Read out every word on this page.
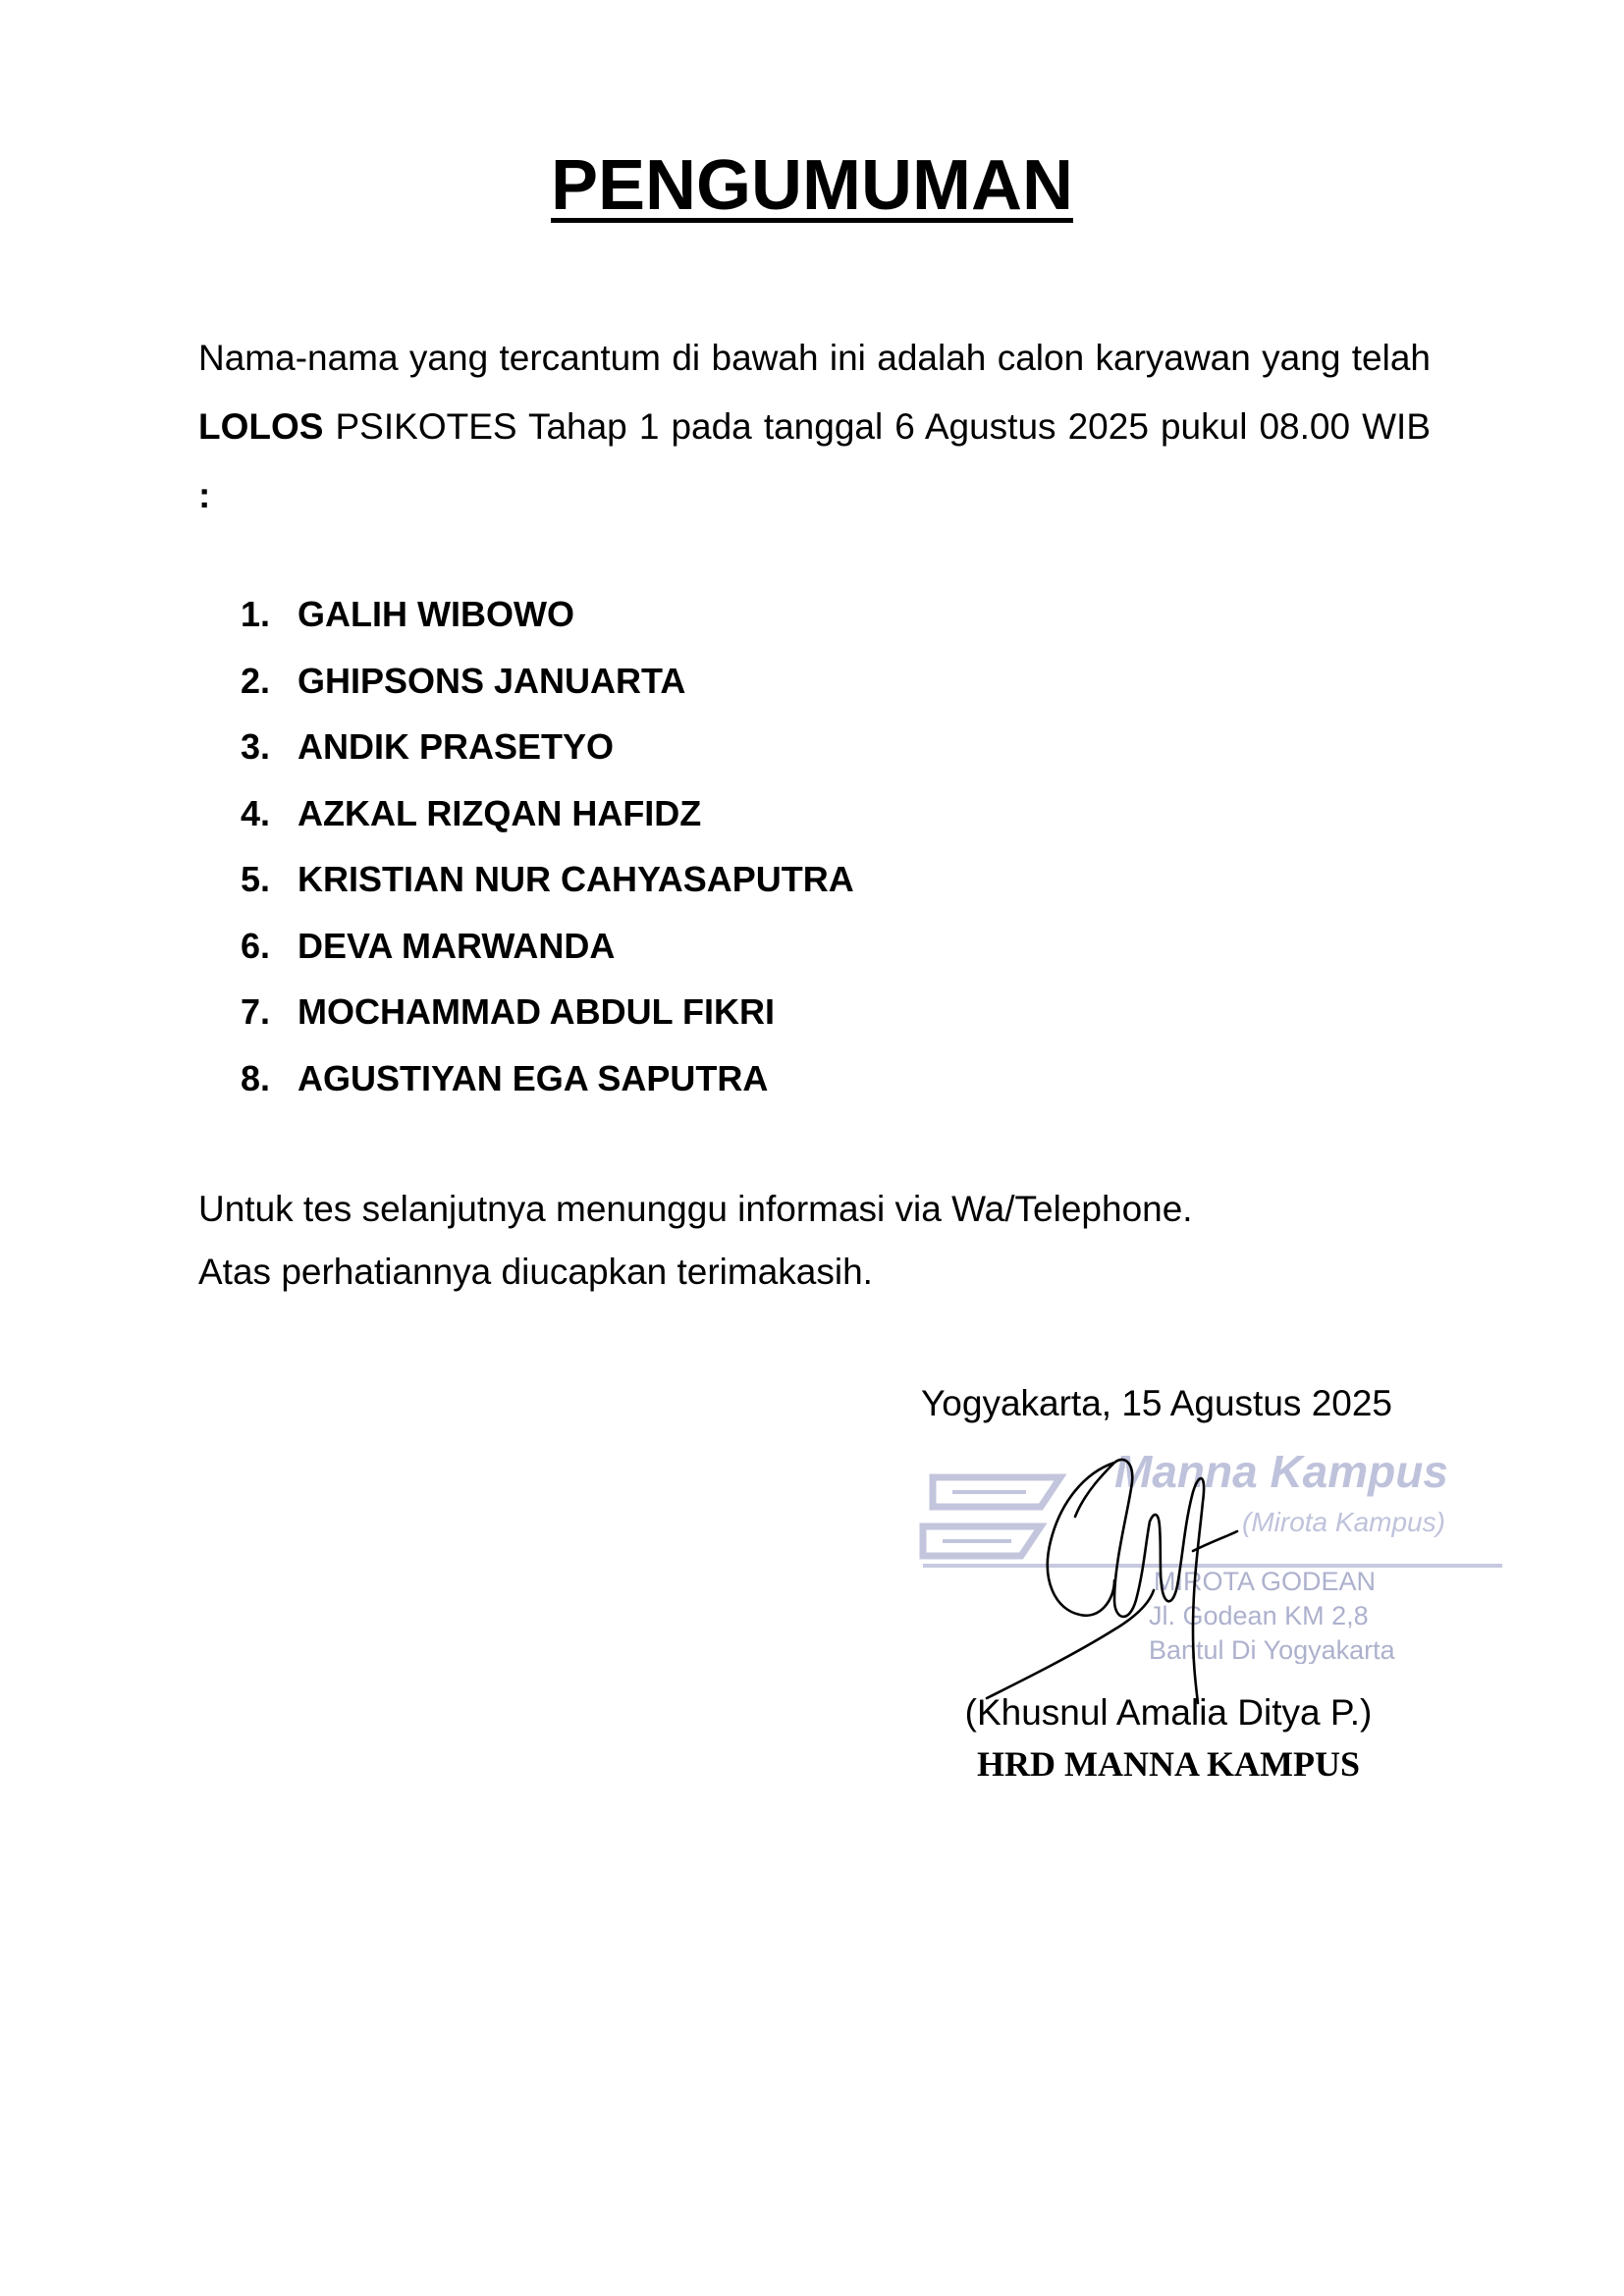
PENGUMUMAN

Nama-nama yang tercantum di bawah ini adalah calon karyawan yang telah LOLOS PSIKOTES Tahap 1 pada tanggal 6 Agustus 2025 pukul 08.00 WIB :

1. GALIH WIBOWO
2. GHIPSONS JANUARTA
3. ANDIK PRASETYO
4. AZKAL RIZQAN HAFIDZ
5. KRISTIAN NUR CAHYASAPUTRA
6. DEVA MARWANDA
7. MOCHAMMAD ABDUL FIKRI
8. AGUSTIYAN EGA SAPUTRA
Untuk tes selanjutnya menunggu informasi via Wa/Telephone.
Atas perhatiannya diucapkan terimakasih.
Yogyakarta, 15 Agustus 2025
Manna Kampus
(Mirota Kampus)
MIROTA GODEAN
Jl. Godean KM 2,8
Bantul Di Yogyakarta
(Khusnul Amalia Ditya P.)
HRD MANNA KAMPUS
